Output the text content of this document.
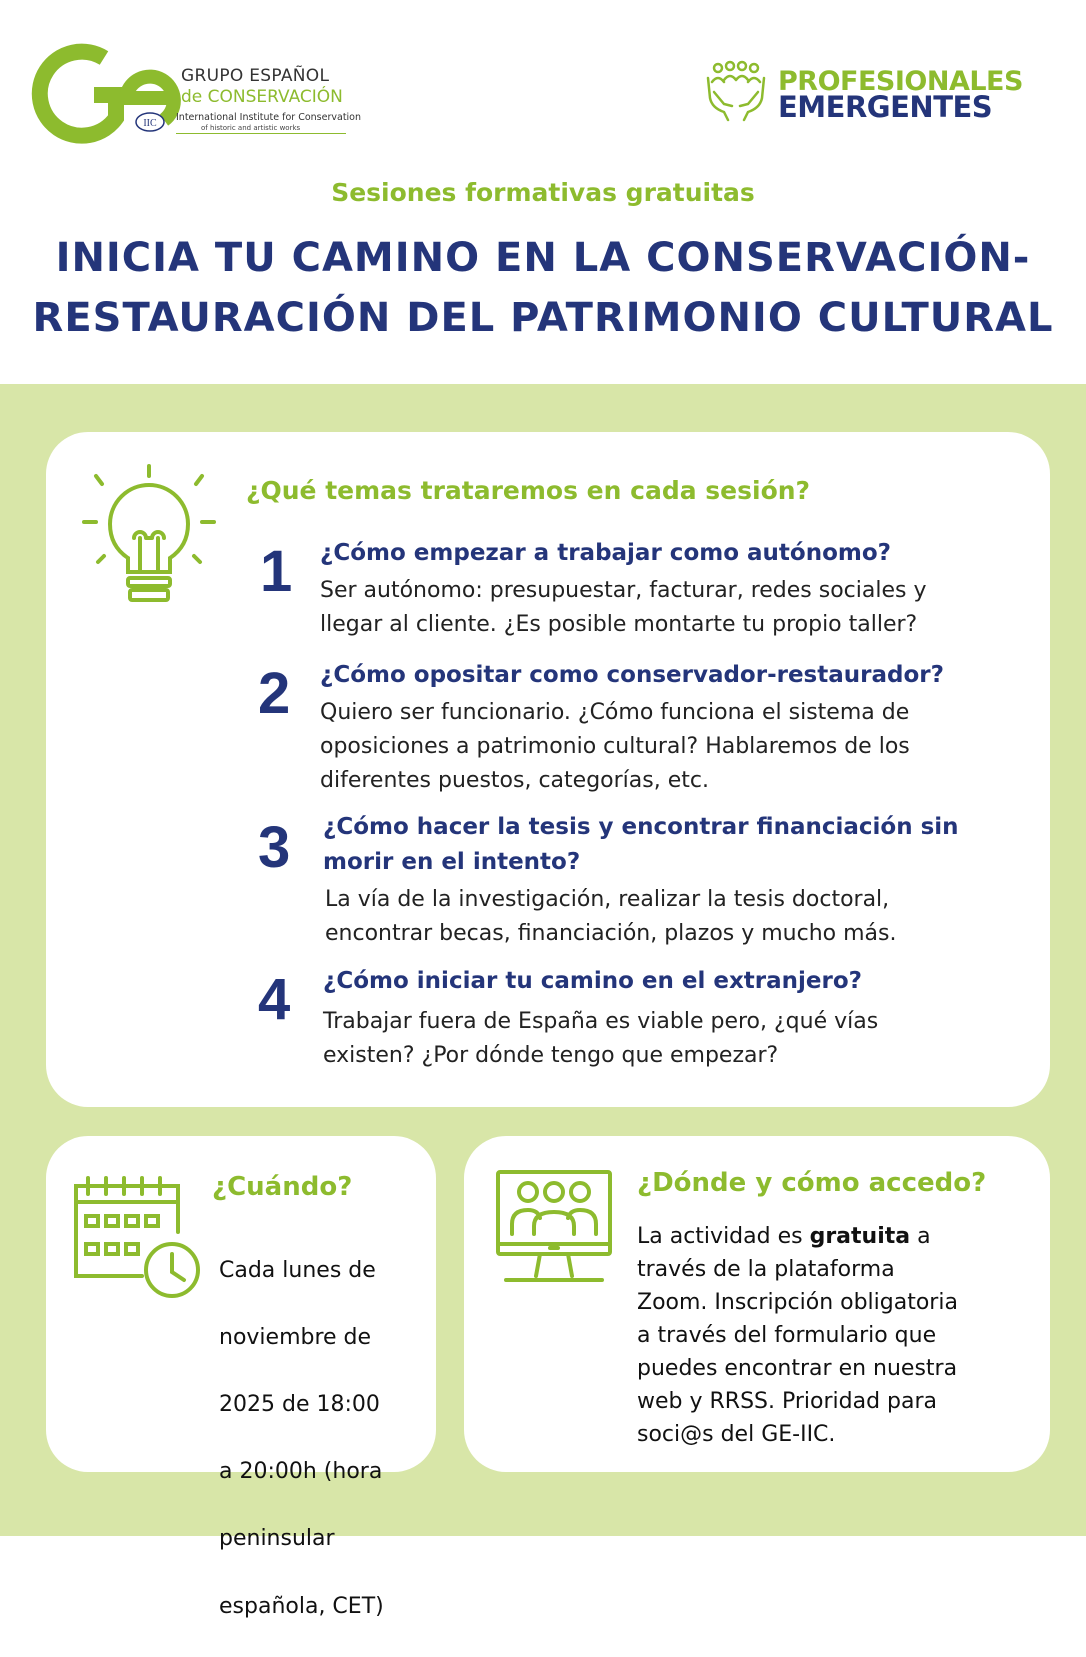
IIC
GRUPO ESPAÑOL
de CONSERVACIÓN
International Institute for Conservation
of historic and artistic works
PROFESIONALES
EMERGENTES
Sesiones formativas gratuitas
INICIA TU CAMINO EN LA CONSERVACIÓN-
RESTAURACIÓN DEL PATRIMONIO CULTURAL
¿Qué temas trataremos en cada sesión?
1 ¿Cómo empezar a trabajar como autónomo?
Ser autónomo: presupuestar, facturar, redes sociales y
llegar al cliente. ¿Es posible montarte tu propio taller?
2 ¿Cómo opositar como conservador-restaurador?
Quiero ser funcionario. ¿Cómo funciona el sistema de
oposiciones a patrimonio cultural? Hablaremos de los
diferentes puestos, categorías, etc.
3 ¿Cómo hacer la tesis y encontrar financiación sin
morir en el intento?
La vía de la investigación, realizar la tesis doctoral,
encontrar becas, financiación, plazos y mucho más.
4 ¿Cómo iniciar tu camino en el extranjero?
Trabajar fuera de España es viable pero, ¿qué vías
existen? ¿Por dónde tengo que empezar?
¿Cuándo?

Cada lunes de

noviembre de

2025 de 18:00

a 20:00h (hora

peninsular

española, CET)

¿Dónde y cómo accedo?
La actividad es gratuita a
través de la plataforma
Zoom. Inscripción obligatoria
a través del formulario que
puedes encontrar en nuestra
web y RRSS. Prioridad para
soci@s del GE-IIC.
